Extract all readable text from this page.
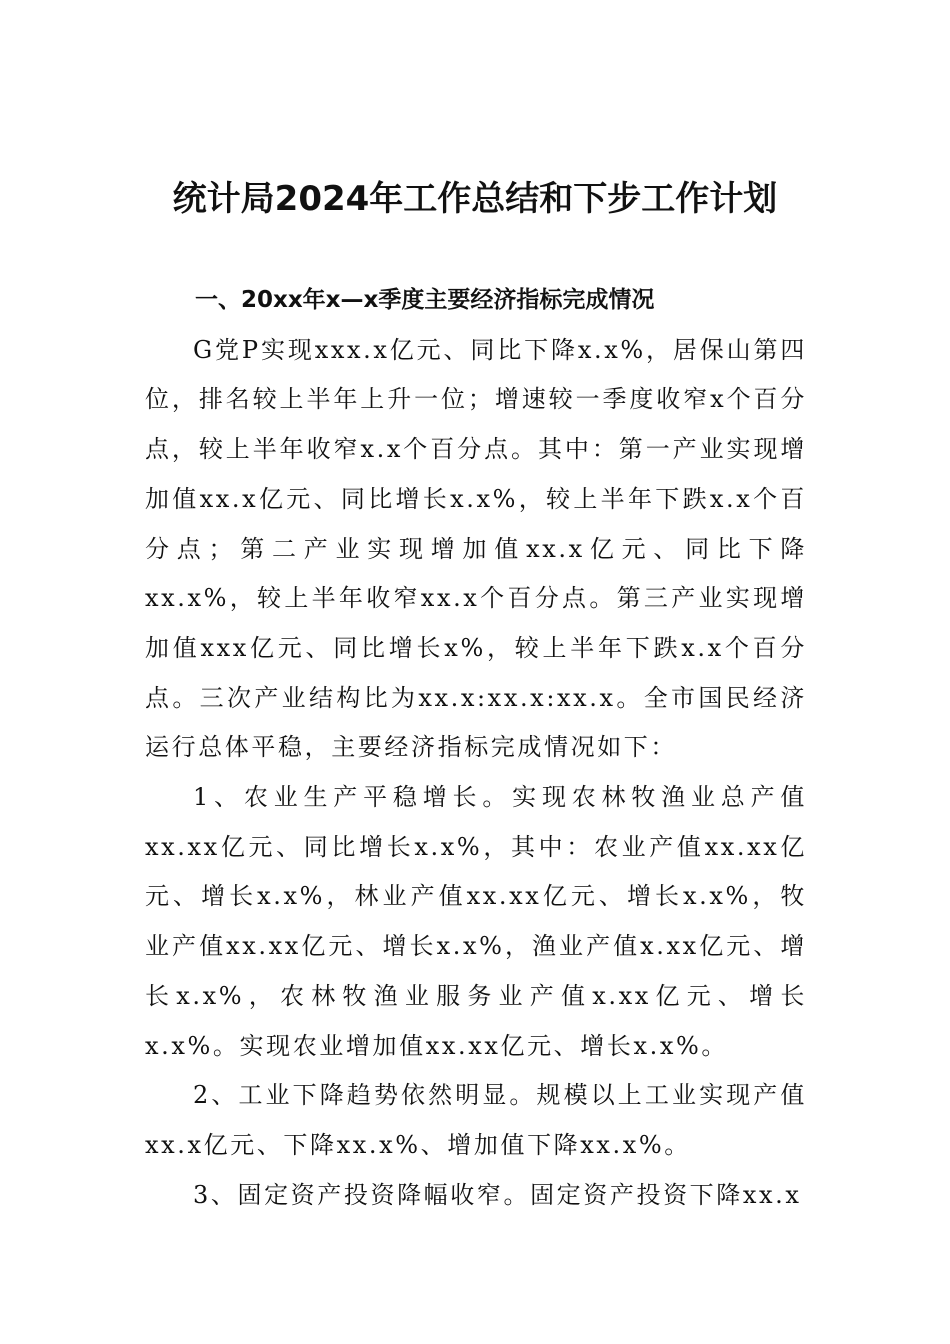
统计局2024年工作总结和下步工作计划

一、20xx年x—x季度主要经济指标完成情况

G党P实现xxx.x亿元、同比下降x.x%，居保山第四位，排名较上半年上升一位；增速较一季度收窄x个百分点，较上半年收窄x.x个百分点。其中：第一产业实现增加值xx.x亿元、同比增长x.x%，较上半年下跌x.x个百分点；第二产业实现增加值xx.x亿元、同比下降xx.x%，较上半年收窄xx.x个百分点。第三产业实现增加值xxx亿元、同比增长x%，较上半年下跌x.x个百分点。三次产业结构比为xx.x:xx.x:xx.x。全市国民经济运行总体平稳，主要经济指标完成情况如下：

1、农业生产平稳增长。实现农林牧渔业总产值xx.xx亿元、同比增长x.x%，其中：农业产值xx.xx亿元、增长x.x%，林业产值xx.xx亿元、增长x.x%，牧业产值xx.xx亿元、增长x.x%，渔业产值x.xx亿元、增长x.x%，农林牧渔业服务业产值x.xx亿元、增长x.x%。实现农业增加值xx.xx亿元、增长x.x%。

2、工业下降趋势依然明显。规模以上工业实现产值xx.x亿元、下降xx.x%、增加值下降xx.x%。

3、固定资产投资降幅收窄。固定资产投资下降xx.x
